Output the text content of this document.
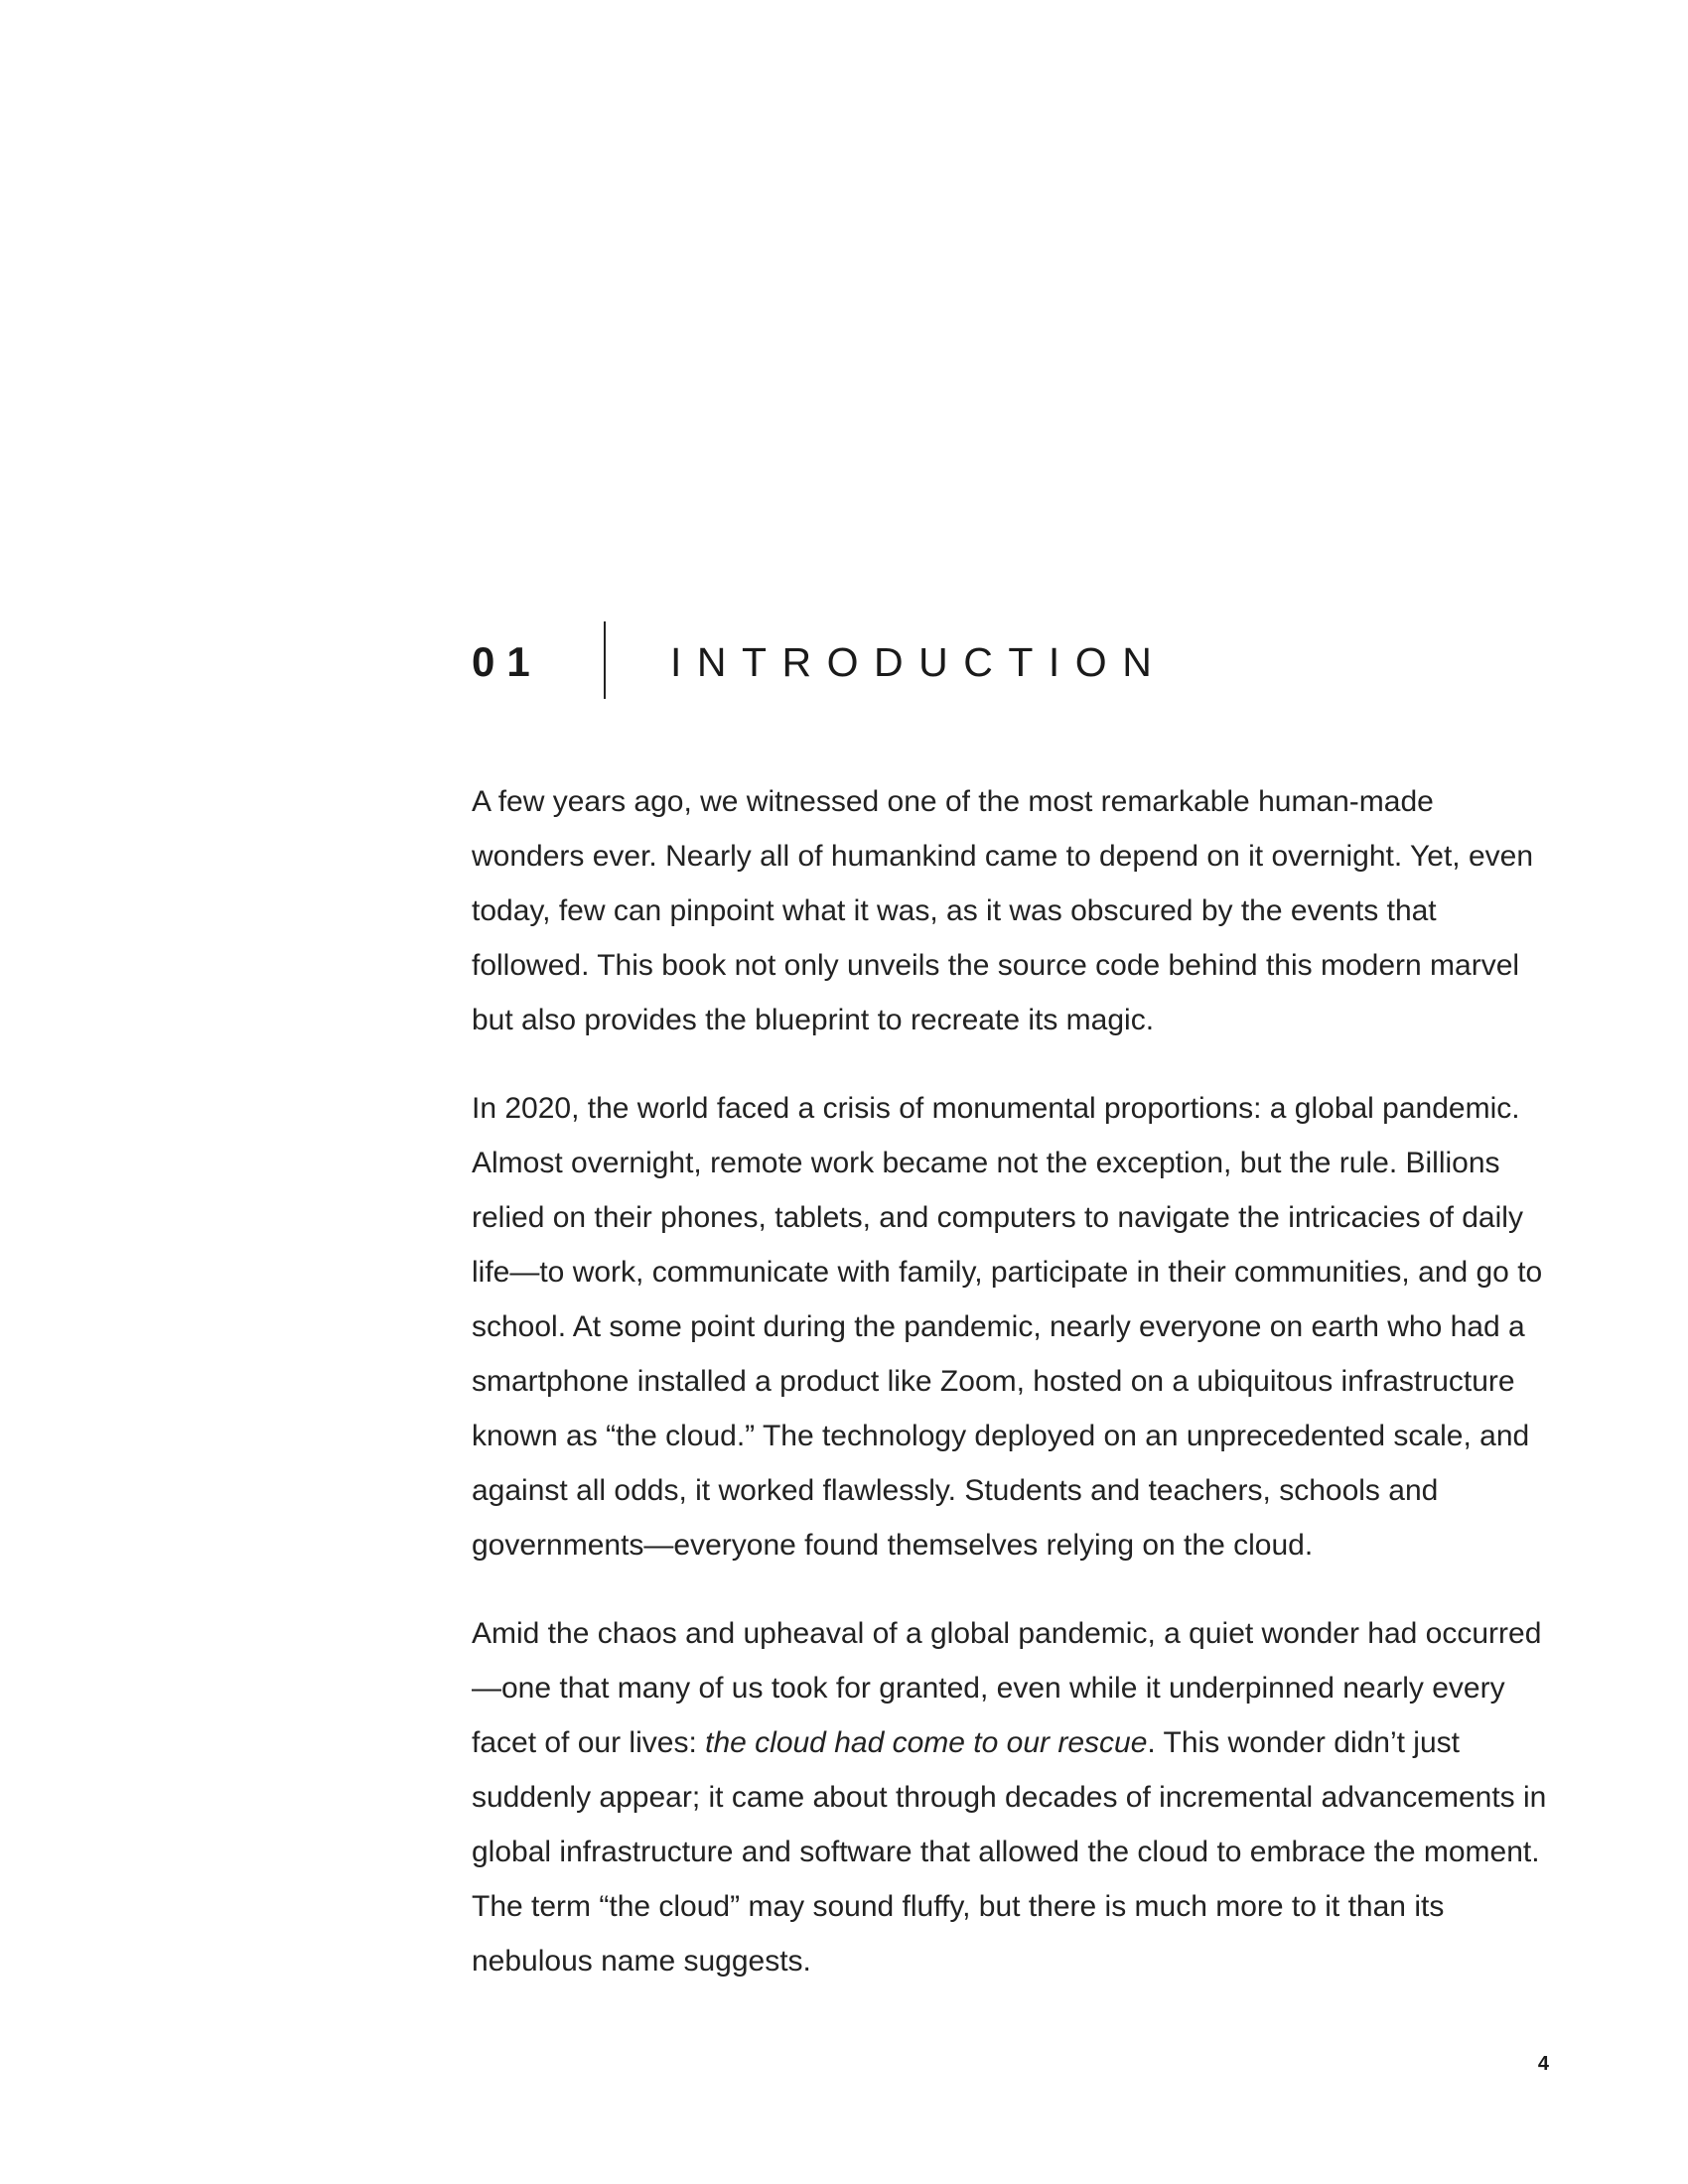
01	INTRODUCTION

A few years ago, we witnessed one of the most remarkable human-made wonders ever. Nearly all of humankind came to depend on it overnight. Yet, even today, few can pinpoint what it was, as it was obscured by the events that followed. This book not only unveils the source code behind this modern marvel but also provides the blueprint to recreate its magic.

In 2020, the world faced a crisis of monumental proportions: a global pandemic. Almost overnight, remote work became not the exception, but the rule. Billions relied on their phones, tablets, and computers to navigate the intricacies of daily life—to work, communicate with family, participate in their communities, and go to school. At some point during the pandemic, nearly everyone on earth who had a smartphone installed a product like Zoom, hosted on a ubiquitous infrastructure known as “the cloud.” The technology deployed on an unprecedented scale, and against all odds, it worked flawlessly. Students and teachers, schools and governments—everyone found themselves relying on the cloud.

Amid the chaos and upheaval of a global pandemic, a quiet wonder had occurred—one that many of us took for granted, even while it underpinned nearly every facet of our lives: the cloud had come to our rescue. This wonder didn’t just suddenly appear; it came about through decades of incremental advancements in global infrastructure and software that allowed the cloud to embrace the moment. The term “the cloud” may sound fluffy, but there is much more to it than its nebulous name suggests.

4
